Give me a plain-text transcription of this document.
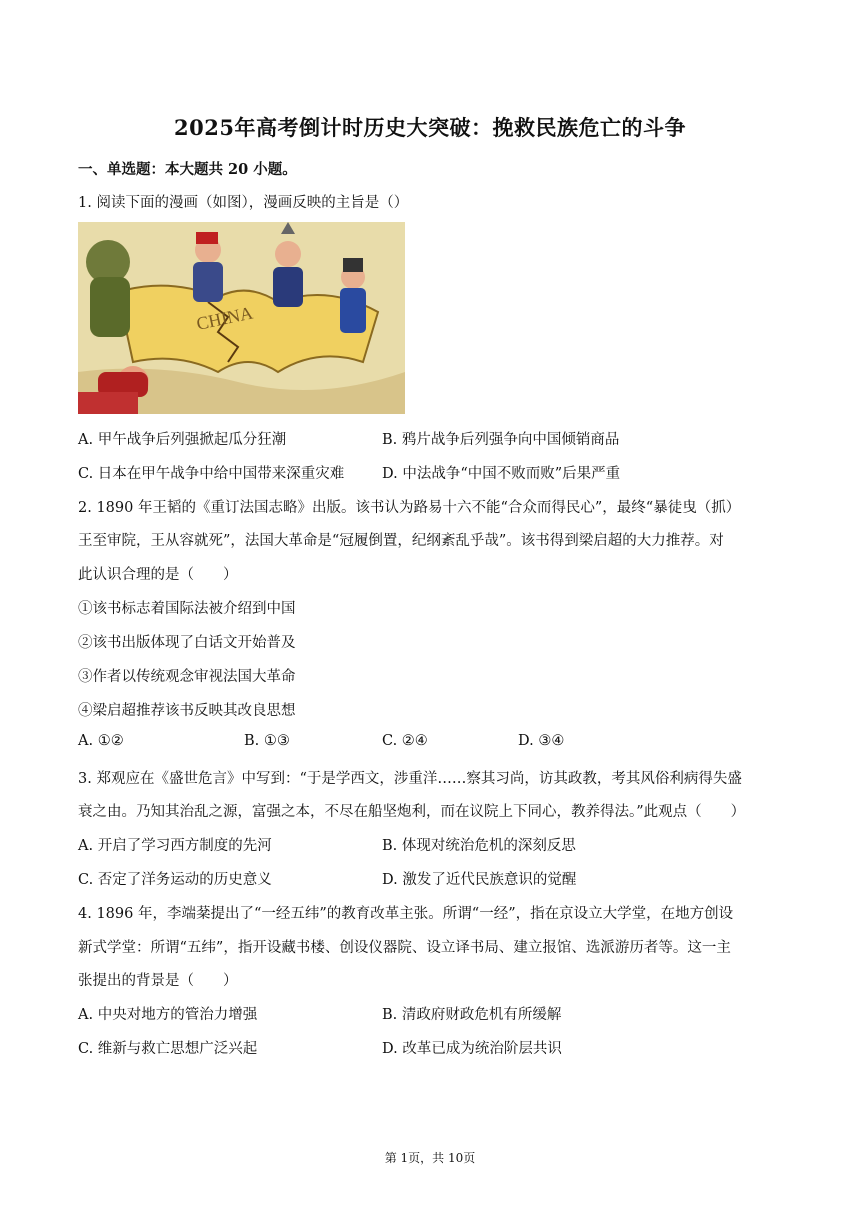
2025年高考倒计时历史大突破：挽救民族危亡的斗争
一、单选题：本大题共 20 小题。
1. 阅读下面的漫画（如图），漫画反映的主旨是（）
CHINA
A. 甲午战争后列强掀起瓜分狂潮	B. 鸦片战争后列强争向中国倾销商品
C. 日本在甲午战争中给中国带来深重灾难	D. 中法战争“中国不败而败”后果严重
2. 1890 年王韬的《重订法国志略》出版。该书认为路易十六不能“合众而得民心”，最终“暴徒曳（抓）
王至审院，王从容就死”，法国大革命是“冠履倒置，纪纲紊乱乎哉”。该书得到梁启超的大力推荐。对
此认识合理的是（　　）
①该书标志着国际法被介绍到中国
②该书出版体现了白话文开始普及
③作者以传统观念审视法国大革命
④梁启超推荐该书反映其改良思想
A. ①②	B. ①③	C. ②④	D. ③④
3. 郑观应在《盛世危言》中写到：“于是学西文，涉重洋……察其习尚，访其政教，考其风俗利病得失盛
衰之由。乃知其治乱之源，富强之本，不尽在船坚炮利，而在议院上下同心，教养得法。”此观点（　　）
A. 开启了学习西方制度的先河	B. 体现对统治危机的深刻反思
C. 否定了洋务运动的历史意义	D. 激发了近代民族意识的觉醒
4. 1896 年，李端棻提出了“一经五纬”的教育改革主张。所谓“一经”，指在京设立大学堂，在地方创设
新式学堂：所谓“五纬”，指开设藏书楼、创设仪器院、设立译书局、建立报馆、选派游历者等。这一主
张提出的背景是（　　）
A. 中央对地方的管治力增强	B. 清政府财政危机有所缓解
C. 维新与救亡思想广泛兴起	D. 改革已成为统治阶层共识
第 1页，共 10页
